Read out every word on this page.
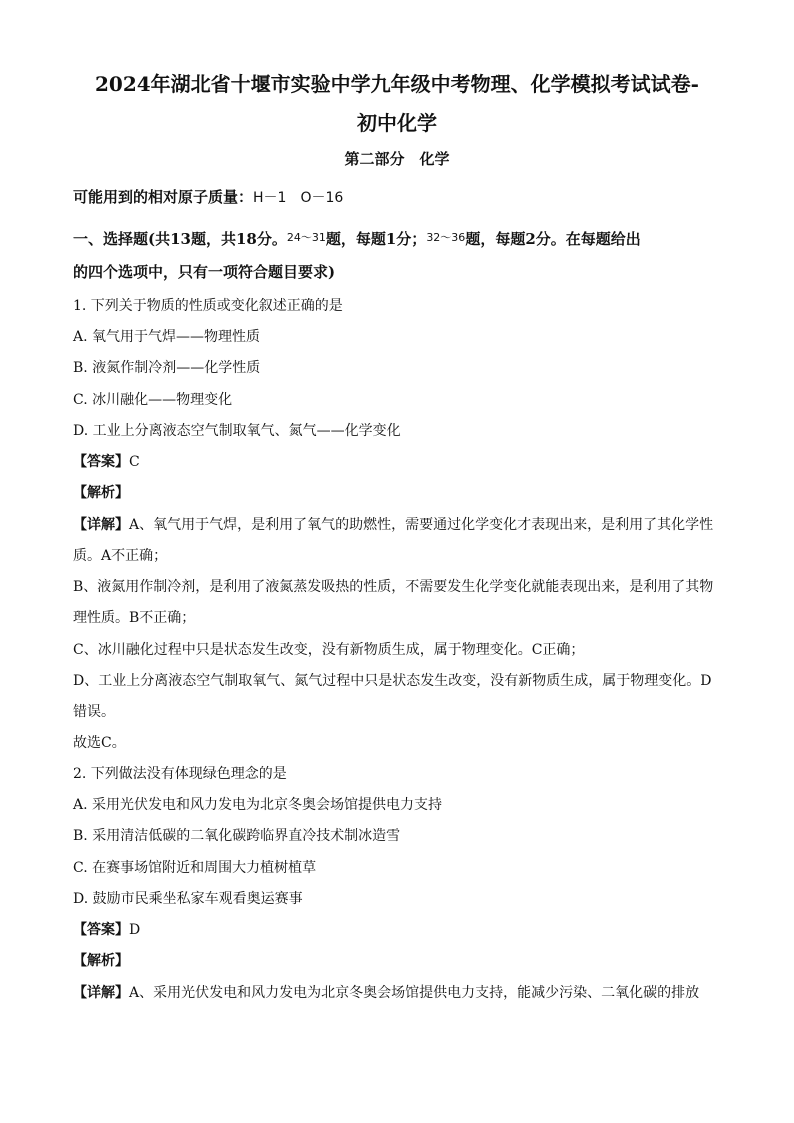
2024年湖北省十堰市实验中学九年级中考物理、化学模拟考试试卷-
初中化学
第二部分　化学
可能用到的相对原子质量：H－1　O－16
一、选择题(共13题，共18分。$^{24\sim 31}$题，每题1分；$^{32\sim 36}$题，每题2分。在每题给出
的四个选项中，只有一项符合题目要求)
1. 下列关于物质的性质或变化叙述正确的是
A. 氧气用于气焊——物理性质
B. 液氮作制冷剂——化学性质
C. 冰川融化——物理变化
D. 工业上分离液态空气制取氧气、氮气——化学变化
【答案】C
【解析】
【详解】A、氧气用于气焊，是利用了氧气的助燃性，需要通过化学变化才表现出来，是利用了其化学性
质。A不正确；
B、液氮用作制冷剂，是利用了液氮蒸发吸热的性质，不需要发生化学变化就能表现出来，是利用了其物
理性质。B不正确；
C、冰川融化过程中只是状态发生改变，没有新物质生成，属于物理变化。C正确；
D、工业上分离液态空气制取氧气、氮气过程中只是状态发生改变，没有新物质生成，属于物理变化。D
错误。
故选C。
2. 下列做法没有体现绿色理念的是
A. 采用光伏发电和风力发电为北京冬奥会场馆提供电力支持
B. 采用清洁低碳的二氧化碳跨临界直冷技术制冰造雪
C. 在赛事场馆附近和周围大力植树植草
D. 鼓励市民乘坐私家车观看奥运赛事
【答案】D
【解析】
【详解】A、采用光伏发电和风力发电为北京冬奥会场馆提供电力支持，能减少污染、二氧化碳的排放
